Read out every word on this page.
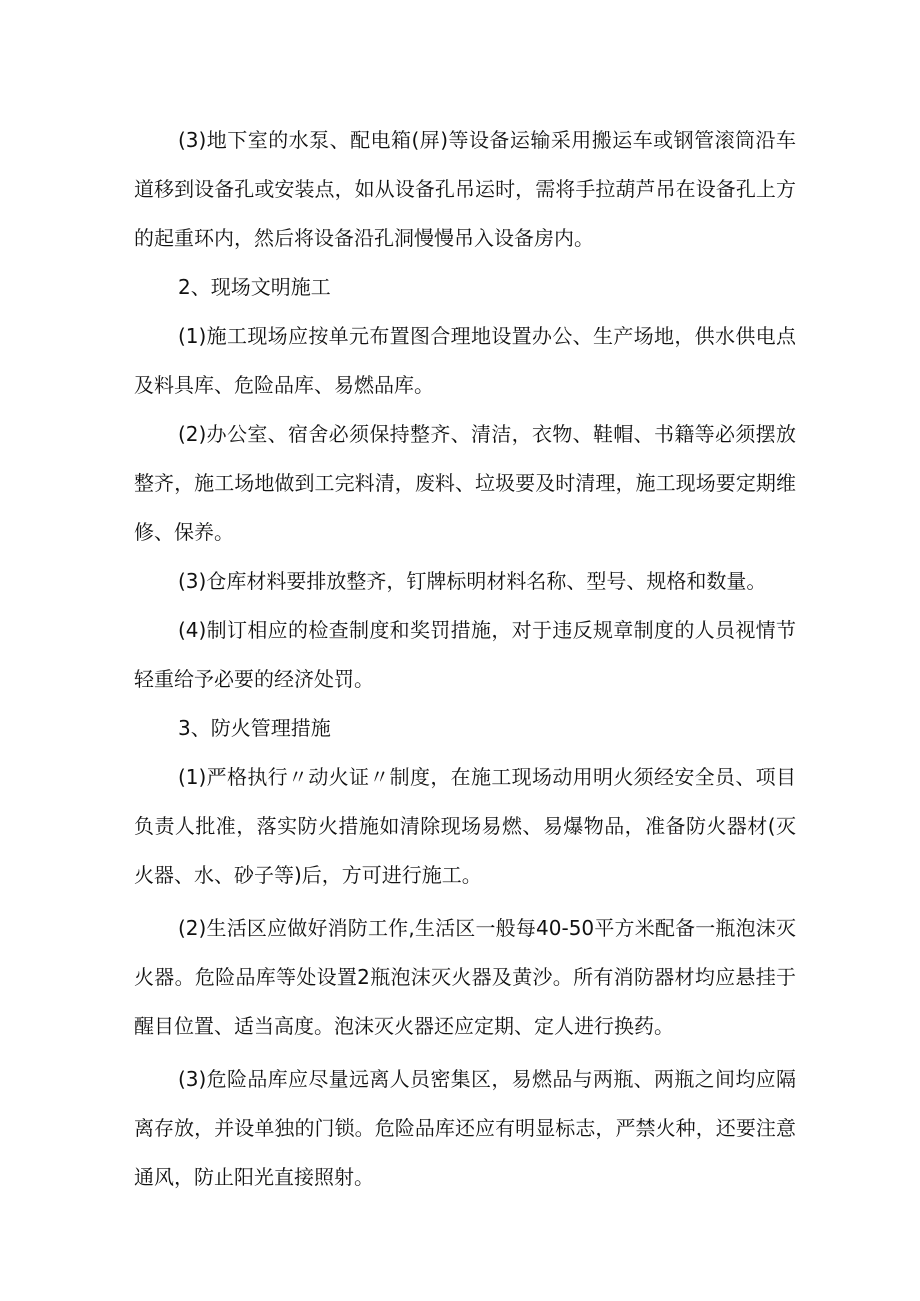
(3)地下室的水泵、配电箱(屏)等设备运输采用搬运车或钢管滚筒沿车道移到设备孔或安装点，如从设备孔吊运时，需将手拉葫芦吊在设备孔上方的起重环内，然后将设备沿孔洞慢慢吊入设备房内。

2、现场文明施工

(1)施工现场应按单元布置图合理地设置办公、生产场地，供水供电点及料具库、危险品库、易燃品库。

(2)办公室、宿舍必须保持整齐、清洁，衣物、鞋帽、书籍等必须摆放整齐，施工场地做到工完料清，废料、垃圾要及时清理，施工现场要定期维修、保养。

(3)仓库材料要排放整齐，钉牌标明材料名称、型号、规格和数量。

(4)制订相应的检查制度和奖罚措施，对于违反规章制度的人员视情节轻重给予必要的经济处罚。

3、防火管理措施

(1)严格执行〃动火证〃制度，在施工现场动用明火须经安全员、项目负责人批准，落实防火措施如清除现场易燃、易爆物品，准备防火器材(灭火器、水、砂子等)后，方可进行施工。

(2)生活区应做好消防工作,生活区一般每40-50平方米配备一瓶泡沫灭火器。危险品库等处设置2瓶泡沫灭火器及黄沙。所有消防器材均应悬挂于醒目位置、适当高度。泡沫灭火器还应定期、定人进行换药。

(3)危险品库应尽量远离人员密集区，易燃品与两瓶、两瓶之间均应隔离存放，并设单独的门锁。危险品库还应有明显标志，严禁火种，还要注意通风，防止阳光直接照射。
